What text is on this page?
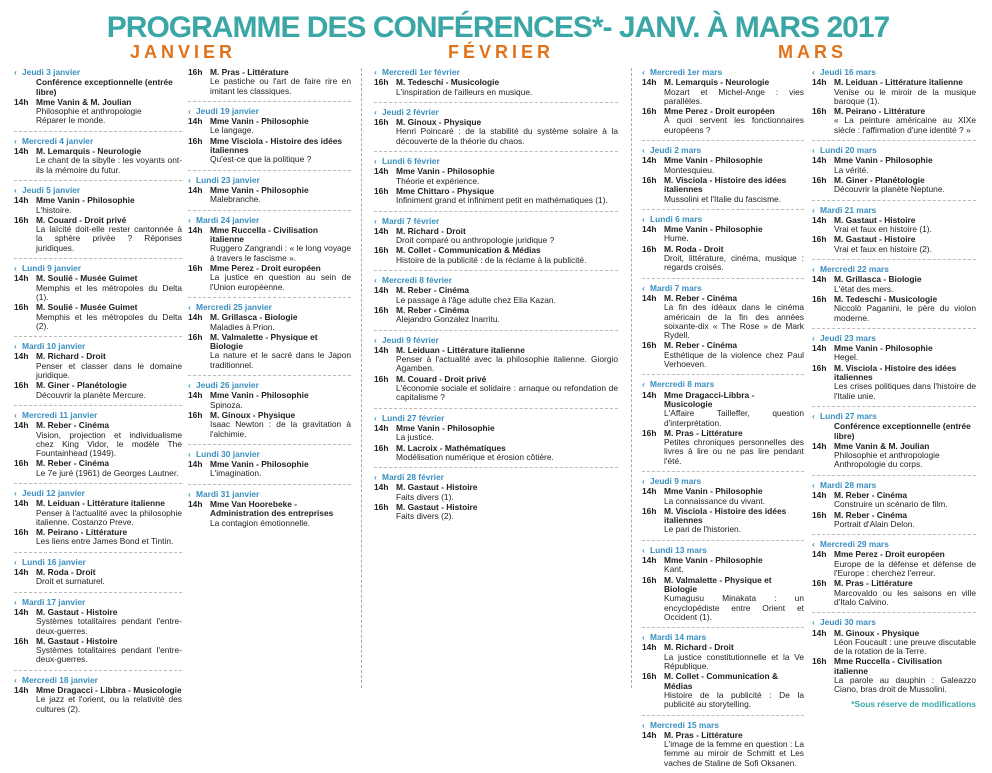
PROGRAMME DES CONFÉRENCES*- JANV. À MARS 2017
JANVIER	FÉVRIER	MARS
‹ Jeudi 3 janvier
Conférence exceptionnelle (entrée libre)
14h Mme Vanin & M. Joulian
Philosophie et anthropologie
Réparer le monde.
‹ Mercredi 4 janvier
14h M. Lemarquis - Neurologie
Le chant de la sibylle : les voyants ont-ils la mémoire du futur.
‹ Jeudi 5 janvier
14h Mme Vanin - Philosophie
L'histoire.
16h M. Couard - Droit privé
La laïcité doit-elle rester cantonnée à la sphère privée ? Réponses juridiques.
‹ Lundi 9 janvier
14h M. Soulié - Musée Guimet
Memphis et les métropoles du Delta (1).
16h M. Soulié - Musée Guimet
Memphis et les métropoles du Delta (2).
‹ Mardi 10 janvier
14h M. Richard - Droit
Penser et classer dans le domaine juridique.
16h M. Giner - Planétologie
Découvrir la planète Mercure.
‹ Mercredi 11 janvier
14h M. Reber - Cinéma
Vision, projection et individualisme chez King Vidor, le modèle The Fountainhead (1949).
16h M. Reber - Cinéma
Le 7e juré (1961) de Georges Lautner.
‹ Jeudi 12 janvier
14h M. Leiduan - Littérature italienne
Penser à l'actualité avec la philosophie italienne. Costanzo Preve.
16h M. Peirano - Littérature
Les liens entre James Bond et Tintin.
‹ Lundi 16 janvier
14h M. Roda - Droit
Droit et surnaturel.
‹ Mardi 17 janvier
14h M. Gastaut - Histoire
Systèmes totalitaires pendant l'entre-deux-guerres.
16h M. Gastaut - Histoire
Systèmes totalitaires pendant l'entre-deux-guerres.
‹ Mercredi 18 janvier
14h Mme Dragacci - Libbra - Musicologie
Le jazz et l'orient, ou la relativité des cultures (2).
16h M. Pras - Littérature
Le pastiche ou l'art de faire rire en imitant les classiques.
‹ Jeudi 19 janvier
14h Mme Vanin - Philosophie
Le langage.
16h Mme Visciola - Histoire des idées italiennes
Qu'est-ce que la politique ?
‹ Lundi 23 janvier
14h Mme Vanin - Philosophie
Malebranche.
‹ Mardi 24 janvier
14h Mme Ruccella - Civilisation italienne
Ruggero Zangrandi : « le long voyage à travers le fascisme ».
16h Mme Perez - Droit européen
La justice en question au sein de l'Union européenne.
‹ Mercredi 25 janvier
14h M. Grillasca - Biologie
Maladies à Prion.
16h M. Valmalette - Physique et Biologie
La nature et le sacré dans le Japon traditionnel.
‹ Jeudi 26 janvier
14h Mme Vanin - Philosophie
Spinoza.
16h M. Ginoux - Physique
Isaac Newton : de la gravitation à l'alchimie.
‹ Lundi 30 janvier
14h Mme Vanin - Philosophie
L'imagination.
‹ Mardi 31 janvier
14h Mme Van Hoorebeke - Administration des entreprises
La contagion émotionnelle.
‹ Mercredi 1er février
16h M. Tedeschi - Musicologie
L'inspiration de l'ailleurs en musique.
‹ Jeudi 2 février
16h M. Ginoux - Physique
Henri Poincaré : de la stabilité du système solaire à la découverte de la théorie du chaos.
‹ Lundi 6 février
14h Mme Vanin - Philosophie
Théorie et expérience.
16h Mme Chittaro - Physique
Infiniment grand et infiniment petit en mathématiques (1).
‹ Mardi 7 février
14h M. Richard - Droit
Droit comparé ou anthropologie juridique ?
16h M. Collet - Communication & Médias
Histoire de la publicité : de la réclame à la publicité.
‹ Mercredi 8 février
14h M. Reber - Cinéma
Le passage à l'âge adulte chez Elia Kazan.
16h M. Reber - Cinéma
Alejandro Gonzalez Inarritu.
‹ Jeudi 9 février
14h M. Leiduan - Littérature italienne
Penser à l'actualité avec la philosophie italienne. Giorgio Agamben.
16h M. Couard - Droit privé
L'économie sociale et solidaire : arnaque ou refondation de capitalisme ?
‹ Lundi 27 février
14h Mme Vanin - Philosophie
La justice.
16h M. Lacroix - Mathématiques
Modélisation numérique et érosion côtière.
‹ Mardi 28 février
14h M. Gastaut - Histoire
Faits divers (1).
16h M. Gastaut - Histoire
Faits divers (2).
‹ Mercredi 1er mars
14h M. Lemarquis - Neurologie
Mozart et Michel-Ange : vies parallèles.
16h Mme Perez - Droit européen
À quoi servent les fonctionnaires européens ?
‹ Jeudi 2 mars
14h Mme Vanin - Philosophie
Montesquieu.
16h M. Visciola - Histoire des idées italiennes
Mussolini et l'Italie du fascisme.
‹ Lundi 6 mars
14h Mme Vanin - Philosophie
Hume.
16h M. Roda - Droit
Droit, littérature, cinéma, musique : regards croisés.
‹ Mardi 7 mars
14h M. Reber - Cinéma
La fin des idéaux dans le cinéma américain de la fin des années soixante-dix « The Rose » de Mark Rydell.
16h M. Reber - Cinéma
Esthétique de la violence chez Paul Verhoeven.
‹ Mercredi 8 mars
14h Mme Dragacci-Libbra - Musicologie
L'Affaire Tailleffer, question d'interprétation.
16h M. Pras - Littérature
Petites chroniques personnelles des livres à lire ou ne pas lire pendant l'été.
‹ Jeudi 9 mars
14h Mme Vanin - Philosophie
La connaissance du vivant.
16h M. Visciola - Histoire des idées italiennes
Le pari de l'historien.
‹ Lundi 13 mars
14h Mme Vanin - Philosophie
Kant.
16h M. Valmalette - Physique et Biologie
Kumagusu Minakata : un encyclopédiste entre Orient et Occident (1).
‹ Mardi 14 mars
14h M. Richard - Droit
La justice constitutionnelle et la Ve République.
16h M. Collet - Communication & Médias
Histoire de la publicité : De la publicité au storytelling.
‹ Mercredi 15 mars
14h M. Pras - Littérature
L'image de la femme en question : La femme au miroir de Schmitt et Les vaches de Staline de Sofi Oksanen.
‹ Jeudi 16 mars
14h M. Leiduan - Littérature italienne
Venise ou le miroir de la musique baroque (1).
16h M. Peirano - Littérature
« La peinture américaine au XIXe siècle : l'affirmation d'une identité ? »
‹ Lundi 20 mars
14h Mme Vanin - Philosophie
La vérité.
16h M. Giner - Planétologie
Découvrir la planète Neptune.
‹ Mardi 21 mars
14h M. Gastaut - Histoire
Vrai et faux en histoire (1).
16h M. Gastaut - Histoire
Vrai et faux en histoire (2).
‹ Mercredi 22 mars
14h M. Grillasca - Biologie
L'état des mers.
16h M. Tedeschi - Musicologie
Niccolò Paganini, le père du violon moderne.
‹ Jeudi 23 mars
14h Mme Vanin - Philosophie
Hegel.
16h M. Visciola - Histoire des idées italiennes
Les crises politiques dans l'histoire de l'Italie unie.
‹ Lundi 27 mars
Conférence exceptionnelle (entrée libre)
14h Mme Vanin & M. Joulian
Philosophie et anthropologie
Anthropologie du corps.
‹ Mardi 28 mars
14h M. Reber - Cinéma
Construire un scénario de film.
16h M. Reber - Cinéma
Portrait d'Alain Delon.
‹ Mercredi 29 mars
14h Mme Perez - Droit européen
Europe de la défense et défense de l'Europe : cherchez l'erreur.
16h M. Pras - Littérature
Marcovaldo ou les saisons en ville d'Italo Calvino.
‹ Jeudi 30 mars
14h M. Ginoux - Physique
Léon Foucault : une preuve discutable de la rotation de la Terre.
16h Mme Ruccella - Civilisation italienne
La parole au dauphin : Galeazzo Ciano, bras droit de Mussolini.
*Sous réserve de modifications
